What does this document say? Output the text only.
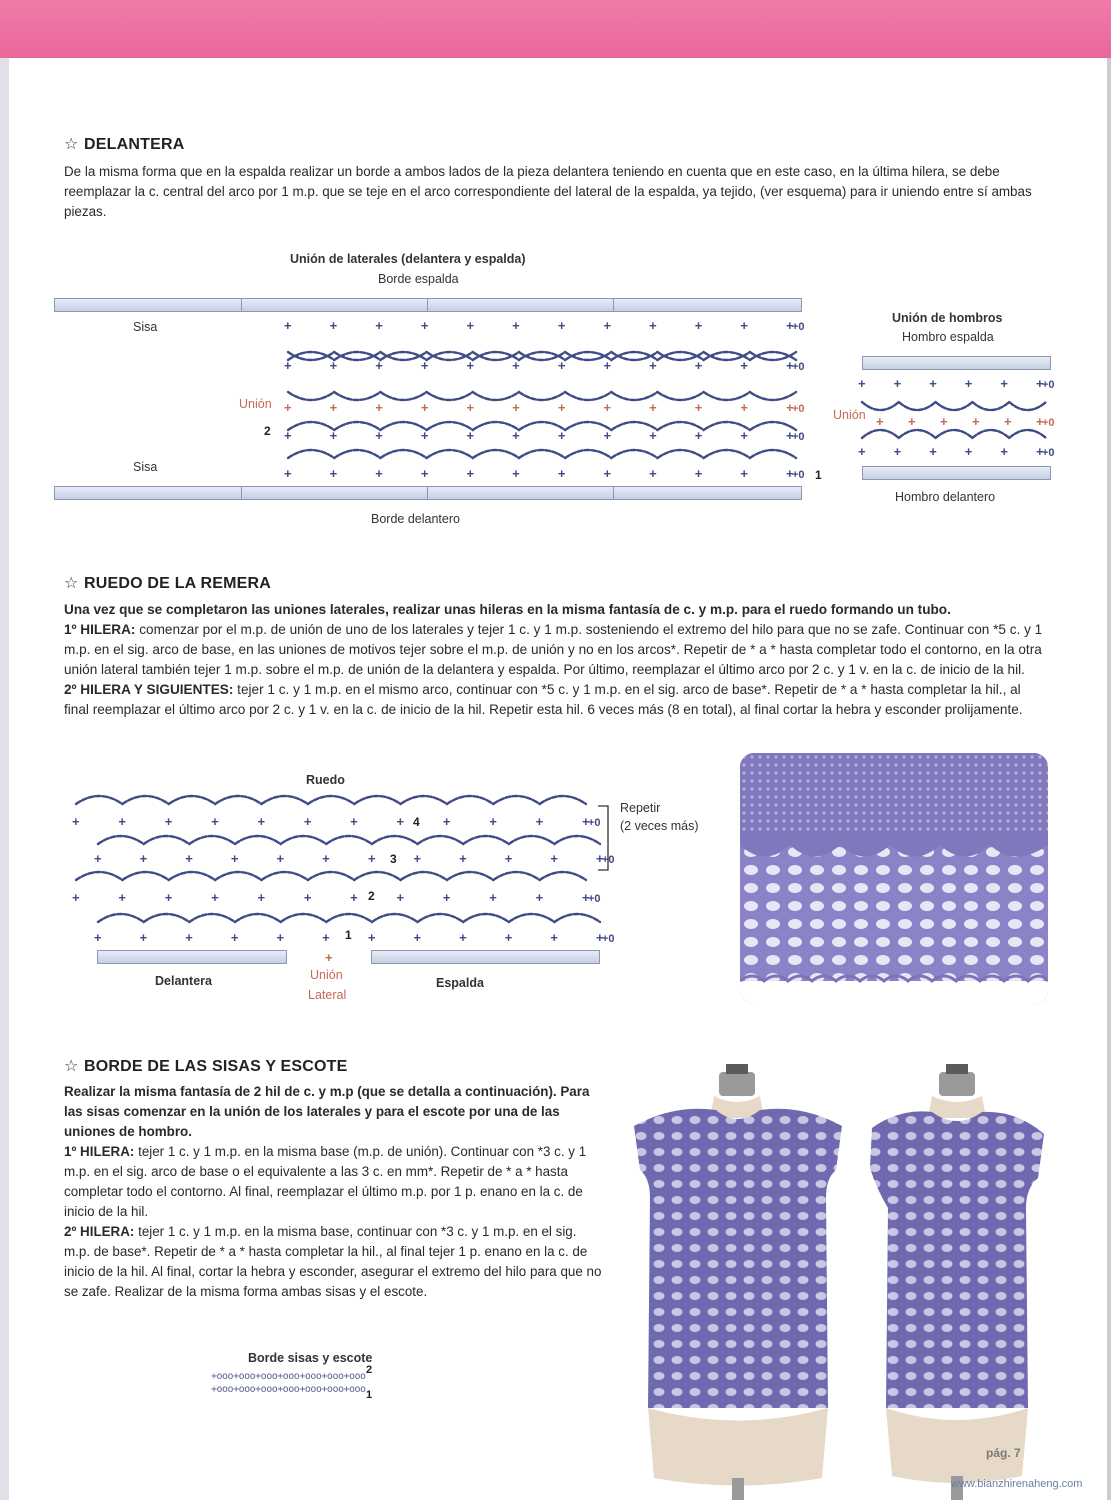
☆ DELANTERA
De la misma forma que en la espalda realizar un borde a ambos lados de la pieza delantera teniendo en cuenta que en este caso, en la última hilera, se debe reemplazar la c. central del arco por 1 m.p. que se teje en el arco correspondiente del lateral de la espalda, ya tejido, (ver esquema) para ir uniendo entre sí ambas piezas.
Unión de laterales (delantera y espalda)
Borde espalda
Sisa
Sisa
Unión
2
1
Borde delantero
+	+	+	+	+	+	+	+	+	+	+	+
+0
+	+	+	+	+	+	+	+	+	+	+	+
+0
+	+	+	+	+	+	+	+	+	+	+	+
+0
+	+	+	+	+	+	+	+	+	+	+	+
+0
+	+	+	+	+	+	+	+	+	+	+	+
+0
+ + + + + +
+0
+ + + + + +
+0
+ + + + + +
+0
+	+	+	+	+	+	+	+	+	+	+	+
+0
+	+	+	+	+	+	+	+	+	+	+	+
+0
+	+	+	+	+	+	+	+	+	+	+	+
+0
+	+	+	+	+	+	+	+	+	+	+	+
+0
+
Unión de hombros
Hombro espalda
Unión
Hombro delantero
☆ RUEDO DE LA REMERA
Una vez que se completaron las uniones laterales, realizar unas hileras en la misma fantasía de c. y m.p. para el ruedo formando un tubo.
1º HILERA: comenzar por el m.p. de unión de uno de los laterales y tejer 1 c. y 1 m.p. sosteniendo el extremo del hilo para que no se zafe. Continuar con *5 c. y 1 m.p. en el sig. arco de base, en las uniones de motivos tejer sobre el m.p. de unión y no en los arcos*. Repetir de * a * hasta completar todo el contorno, en la otra unión lateral también tejer 1 m.p. sobre el m.p. de unión de la delantera y espalda. Por último, reemplazar el último arco por 2 c. y 1 v. en la c. de inicio de la hil.
2º HILERA Y SIGUIENTES: tejer 1 c. y 1 m.p. en el mismo arco, continuar con *5 c. y 1 m.p. en el sig. arco de base*. Repetir de * a * hasta completar la hil., al final reemplazar el último arco por 2 c. y 1 v. en la c. de inicio de la hil. Repetir esta hil. 6 veces más (8 en total), al final cortar la hebra y esconder prolijamente.
Ruedo
Repetir
(2 veces más)
Delantera	Espalda
Unión
Lateral
1
2
3
4
☆ BORDE DE LAS SISAS Y ESCOTE
Realizar la misma fantasía de 2 hil de c. y m.p (que se detalla a continuación). Para las sisas comenzar en la unión de los laterales y para el escote por una de las uniones de hombro.
1º HILERA: tejer 1 c. y 1 m.p. en la misma base (m.p. de unión). Continuar con *3 c. y 1 m.p. en el sig. arco de base o el equivalente a las 3 c. en mm*. Repetir de * a * hasta completar todo el contorno. Al final, reemplazar el último m.p. por 1 p. enano en la c. de inicio de la hil.
2º HILERA: tejer 1 c. y 1 m.p. en la misma base, continuar con *3 c. y 1 m.p. en el sig. m.p. de base*. Repetir de * a * hasta completar la hil., al final tejer 1 p. enano en la c. de inicio de la hil. Al final, cortar la hebra y esconder, asegurar el extremo del hilo para que no se zafe. Realizar de la misma forma ambas sisas y el escote.
Borde sisas y escote
+ooo+ooo+ooo+ooo+ooo+ooo+ooo
+ooo+ooo+ooo+ooo+ooo+ooo+ooo
2
1
pág. 7
www.bianzhirenaheng.com
